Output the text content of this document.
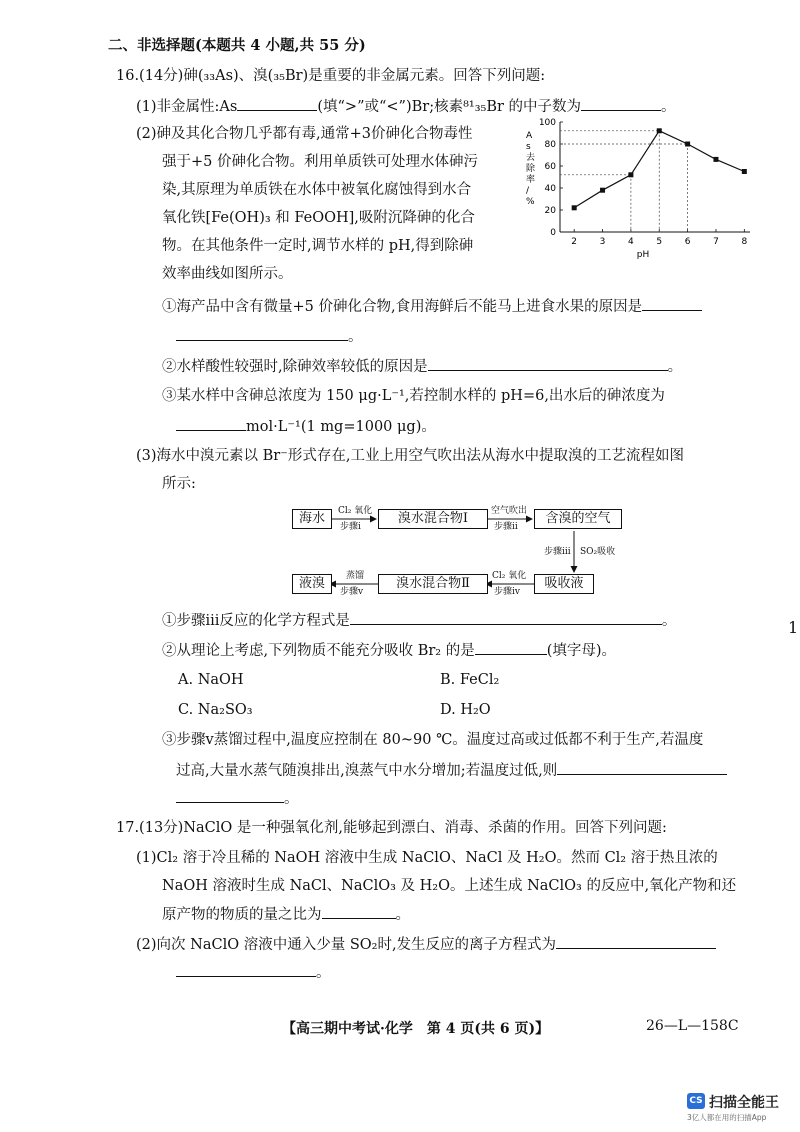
二、非选择题(本题共 4 小题,共 55 分)
16.(14分)砷(₃₃As)、溴(₃₅Br)是重要的非金属元素。回答下列问题:
(1)非金属性:As	(填“>”或“<”)Br;核素⁸¹₃₅Br 的中子数为	。
(2)砷及其化合物几乎都有毒,通常+3价砷化合物毒性
强于+5 价砷化合物。利用单质铁可处理水体砷污
染,其原理为单质铁在水体中被氧化腐蚀得到水合
氧化铁[Fe(OH)₃ 和 FeOOH],吸附沉降砷的化合
物。在其他条件一定时,调节水样的 pH,得到除砷
效率曲线如图所示。
0
20
40
60
80
100
2	3	4	5	6	7	8
pH
A s 去除率/ %
①海产品中含有微量+5 价砷化合物,食用海鲜后不能马上进食水果的原因是
。
②水样酸性较强时,除砷效率较低的原因是	。
③某水样中含砷总浓度为 150 μg·L⁻¹,若控制水样的 pH=6,出水后的砷浓度为
mol·L⁻¹(1 mg=1000 μg)。
(3)海水中溴元素以 Br⁻形式存在,工业上用空气吹出法从海水中提取溴的工艺流程如图
所示:
海水	溴水混合物Ⅰ	含溴的空气
液溴	溴水混合物Ⅱ	吸收液
Cl₂ 氧化
步骤ⅰ
空气吹出
步骤ⅱ
步骤ⅲ SO₂吸收
Cl₂ 氧化
步骤ⅳ
蒸馏
步骤ⅴ
①步骤ⅲ反应的化学方程式是	。
②从理论上考虑,下列物质不能充分吸收 Br₂ 的是	(填字母)。
A. NaOH	B. FeCl₂
C. Na₂SO₃	D. H₂O
③步骤ⅴ蒸馏过程中,温度应控制在 80~90 ℃。温度过高或过低都不利于生产,若温度
过高,大量水蒸气随溴排出,溴蒸气中水分增加;若温度过低,则
。
17.(13分)NaClO 是一种强氧化剂,能够起到漂白、消毒、杀菌的作用。回答下列问题:
(1)Cl₂ 溶于冷且稀的 NaOH 溶液中生成 NaClO、NaCl 及 H₂O。然而 Cl₂ 溶于热且浓的
NaOH 溶液时生成 NaCl、NaClO₃ 及 H₂O。上述生成 NaClO₃ 的反应中,氧化产物和还
原产物的物质的量之比为	。
(2)向次 NaClO 溶液中通入少量 SO₂时,发生反应的离子方程式为
。
【高三期中考试·化学　第 4 页(共 6 页)】	26—L—158C
1
CS 扫描全能王
3亿人都在用的扫描App
